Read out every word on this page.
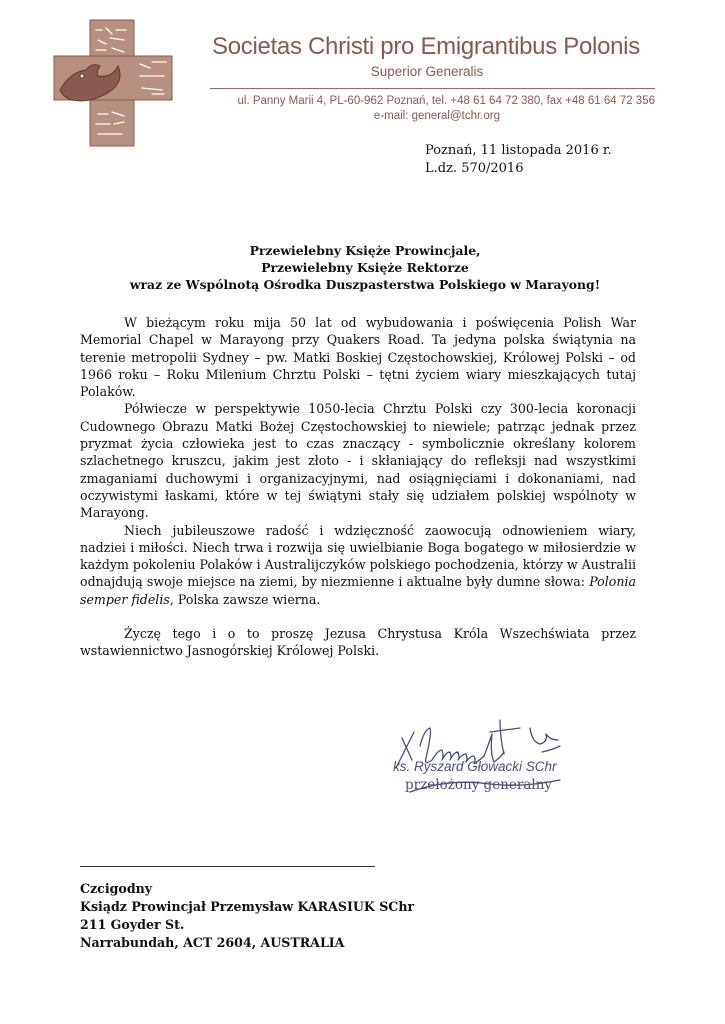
Societas Christi pro Emigrantibus Polonis
Superior Generalis
ul. Panny Marii 4, PL-60-962 Poznań, tel. +48 61 64 72 380, fax +48 61 64 72 356
e-mail: general@tchr.org
Poznań, 11 listopada 2016 r.
L.dz. 570/2016
Przewielebny Księże Prowincjale,
Przewielebny Księże Rektorze
wraz ze Wspólnotą Ośrodka Duszpasterstwa Polskiego w Marayong!

W bieżącym roku mija 50 lat od wybudowania i poświęcenia Polish War Memorial Chapel w Marayong przy Quakers Road. Ta jedyna polska świątynia na terenie metropolii Sydney – pw. Matki Boskiej Częstochowskiej, Królowej Polski – od 1966 roku – Roku Milenium Chrztu Polski – tętni życiem wiary mieszkających tutaj Polaków.

Półwiecze w perspektywie 1050-lecia Chrztu Polski czy 300-lecia koronacji Cudownego Obrazu Matki Bożej Częstochowskiej to niewiele; patrząc jednak przez pryzmat życia człowieka jest to czas znaczący - symbolicznie określany kolorem szlachetnego kruszcu, jakim jest złoto - i skłaniający do refleksji nad wszystkimi zmaganiami duchowymi i organizacyjnymi, nad osiągnięciami i dokonaniami, nad oczywistymi łaskami, które w tej świątyni stały się udziałem polskiej wspólnoty w Marayong.

Niech jubileuszowe radość i wdzięczność zaowocują odnowieniem wiary, nadziei i miłości. Niech trwa i rozwija się uwielbianie Boga bogatego w miłosierdzie w każdym pokoleniu Polaków i Australijczyków polskiego pochodzenia, którzy w Australii odnajdują swoje miejsce na ziemi, by niezmienne i aktualne były dumne słowa: Polonia semper fidelis, Polska zawsze wierna.

Życzę tego i o to proszę Jezusa Chrystusa Króla Wszechświata przez wstawiennictwo Jasnogórskiej Królowej Polski.

ks. Ryszard Głowacki SChr
przełożony generalny
Czcigodny
Ksiądz Prowincjał Przemysław KARASIUK SChr
211 Goyder St.
Narrabundah, ACT 2604, AUSTRALIA
